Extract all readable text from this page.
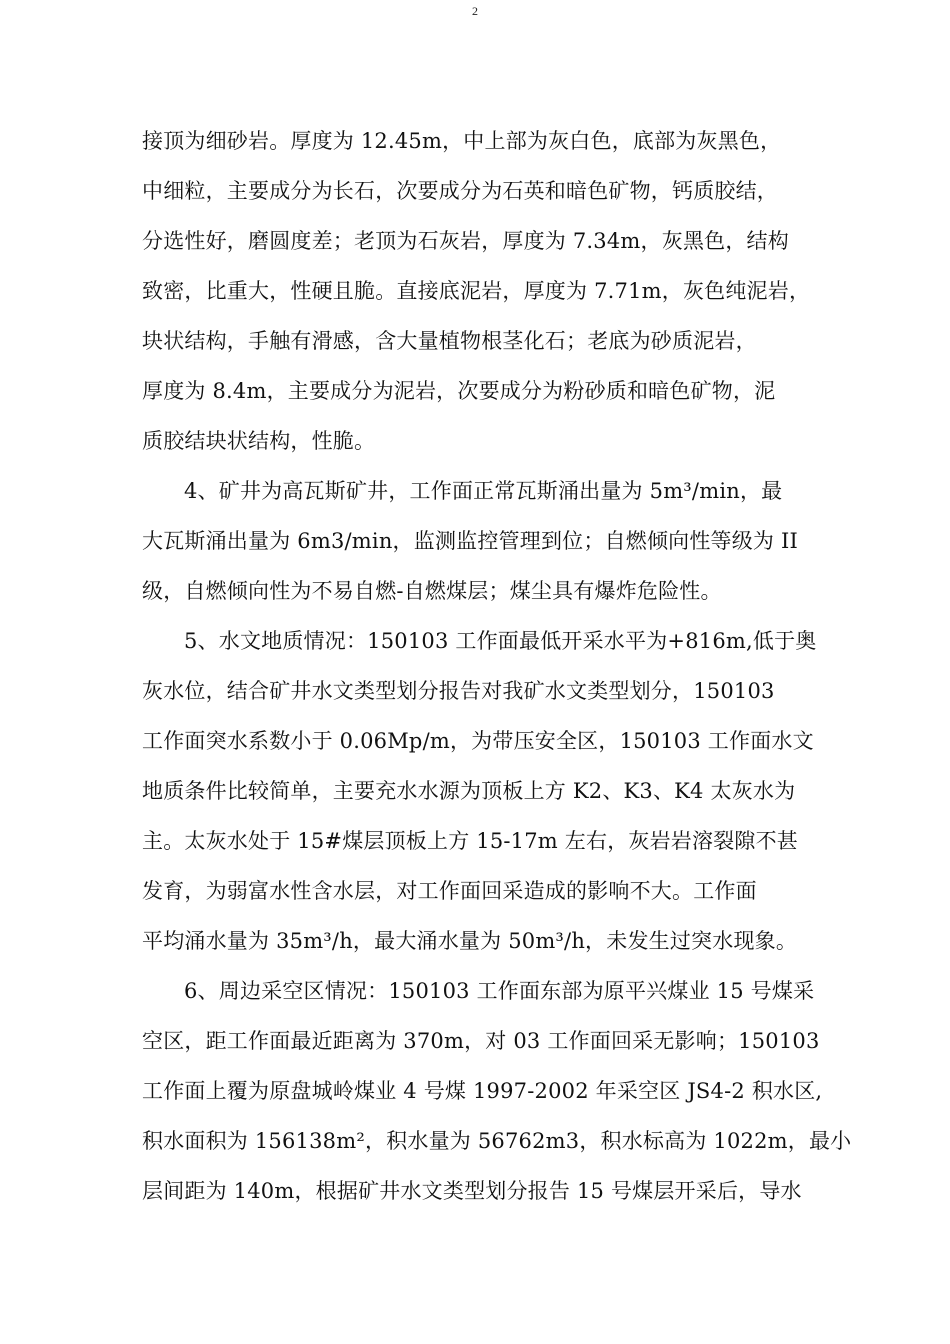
2
接顶为细砂岩。厚度为 12.45m，中上部为灰白色，底部为灰黑色，
中细粒，主要成分为长石，次要成分为石英和暗色矿物，钙质胶结，
分选性好，磨圆度差；老顶为石灰岩，厚度为 7.34m，灰黑色，结构
致密，比重大，性硬且脆。直接底泥岩，厚度为 7.71m，灰色纯泥岩，
块状结构，手触有滑感，含大量植物根茎化石；老底为砂质泥岩，
厚度为 8.4m，主要成分为泥岩，次要成分为粉砂质和暗色矿物，泥
质胶结块状结构，性脆。
4、矿井为高瓦斯矿井，工作面正常瓦斯涌出量为 5m³/min，最
大瓦斯涌出量为 6m3/min，监测监控管理到位；自燃倾向性等级为 II
级，自燃倾向性为不易自燃-自燃煤层；煤尘具有爆炸危险性。
5、水文地质情况：150103 工作面最低开采水平为+816m,低于奥
灰水位，结合矿井水文类型划分报告对我矿水文类型划分，150103
工作面突水系数小于 0.06Mp/m，为带压安全区，150103 工作面水文
地质条件比较简单，主要充水水源为顶板上方 K2、K3、K4 太灰水为
主。太灰水处于 15#煤层顶板上方 15-17m 左右，灰岩岩溶裂隙不甚
发育，为弱富水性含水层，对工作面回采造成的影响不大。工作面
平均涌水量为 35m³/h，最大涌水量为 50m³/h，未发生过突水现象。
6、周边采空区情况：150103 工作面东部为原平兴煤业 15 号煤采
空区，距工作面最近距离为 370m，对 03 工作面回采无影响；150103
工作面上覆为原盘城岭煤业 4 号煤 1997-2002 年采空区 JS4-2 积水区,
积水面积为 156138m²，积水量为 56762m3，积水标高为 1022m，最小
层间距为 140m，根据矿井水文类型划分报告 15 号煤层开采后，导水
